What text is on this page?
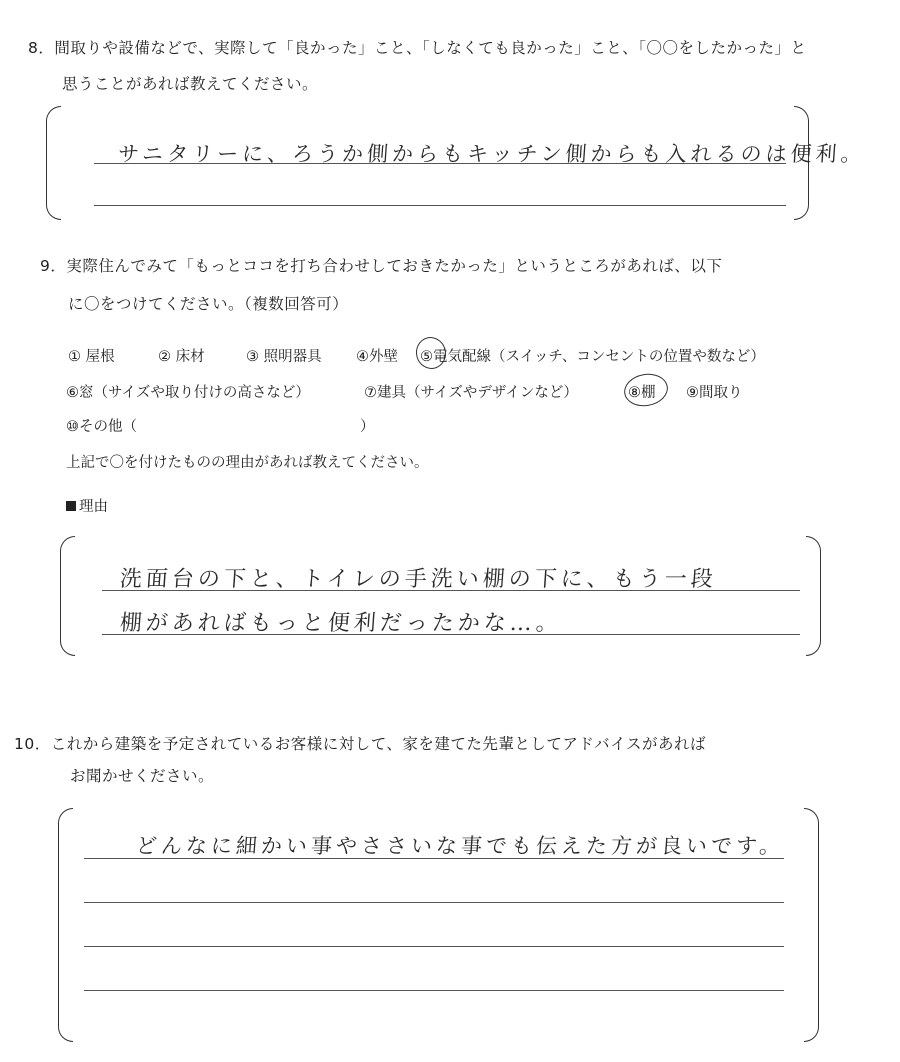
8．間取りや設備などで、実際して「良かった」こと、「しなくても良かった」こと、「〇〇をしたかった」と
思うことがあれば教えてください。
サニタリーに、ろうか側からもキッチン側からも入れるのは便利。
9．実際住んでみて「もっとココを打ち合わせしておきたかった」というところがあれば、以下
に〇をつけてください。（複数回答可）
① 屋根	② 床材	③ 照明器具 ④外壁 ⑤電気配線（スイッチ、コンセントの位置や数など）
⑥窓（サイズや取り付けの高さなど）	⑦建具（サイズやデザインなど）	⑧棚 ⑨間取り
⑩その他（	）
上記で〇を付けたものの理由があれば教えてください。
理由
洗面台の下と、トイレの手洗い棚の下に、もう一段
棚があればもっと便利だったかな…。
10．これから建築を予定されているお客様に対して、家を建てた先輩としてアドバイスがあれば
お聞かせください。
どんなに細かい事やささいな事でも伝えた方が良いです。
